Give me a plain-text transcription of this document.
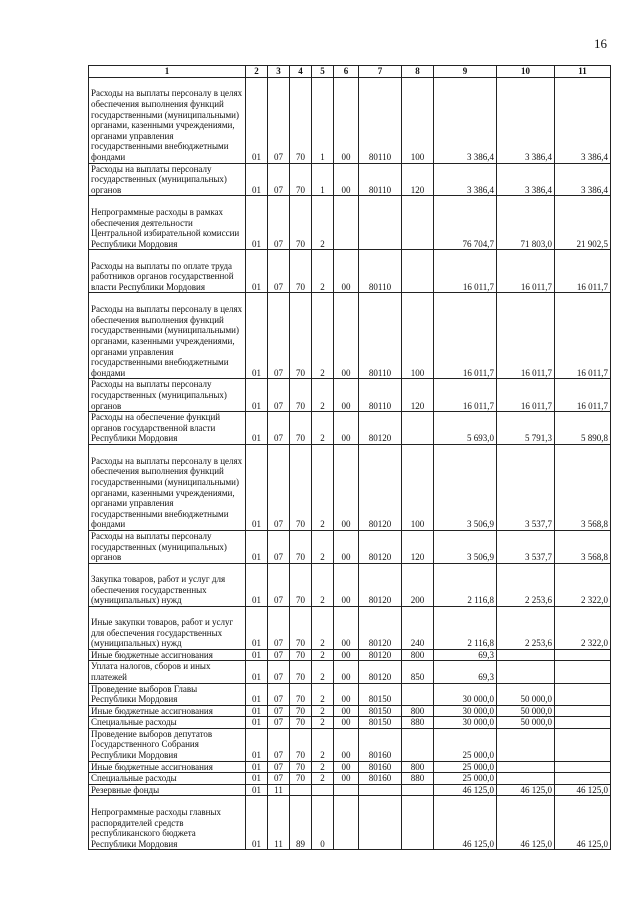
16
1	2	3	4	5	6	7	8	9	10	11
Расходы на выплаты персоналу в целях обеспечения выполнения функций государственными (муниципальными) органами, казенными учреждениями, органами управления государственными внебюджетными фондами	01	07	70	1	00	80110	100	3 386,4	3 386,4	3 386,4
Расходы на выплаты персоналу государственных (муниципальных) органов	01	07	70	1	00	80110	120	3 386,4	3 386,4	3 386,4
Непрограммные расходы в рамках обеспечения деятельности Центральной избирательной комиссии Республики Мордовия	01	07	70	2				76 704,7	71 803,0	21 902,5
Расходы на выплаты по оплате труда работников органов государственной власти Республики Мордовия	01	07	70	2	00	80110		16 011,7	16 011,7	16 011,7
Расходы на выплаты персоналу в целях обеспечения выполнения функций государственными (муниципальными) органами, казенными учреждениями, органами управления государственными внебюджетными фондами	01	07	70	2	00	80110	100	16 011,7	16 011,7	16 011,7
Расходы на выплаты персоналу государственных (муниципальных) органов	01	07	70	2	00	80110	120	16 011,7	16 011,7	16 011,7
Расходы на обеспечение функций органов государственной власти Республики Мордовия	01	07	70	2	00	80120		5 693,0	5 791,3	5 890,8
Расходы на выплаты персоналу в целях обеспечения выполнения функций государственными (муниципальными) органами, казенными учреждениями, органами управления государственными внебюджетными фондами	01	07	70	2	00	80120	100	3 506,9	3 537,7	3 568,8
Расходы на выплаты персоналу государственных (муниципальных) органов	01	07	70	2	00	80120	120	3 506,9	3 537,7	3 568,8
Закупка товаров, работ и услуг для обеспечения государственных (муниципальных) нужд	01	07	70	2	00	80120	200	2 116,8	2 253,6	2 322,0
Иные закупки товаров, работ и услуг для обеспечения государственных (муниципальных) нужд	01	07	70	2	00	80120	240	2 116,8	2 253,6	2 322,0
Иные бюджетные ассигнования	01	07	70	2	00	80120	800	69,3		
Уплата налогов, сборов и иных платежей	01	07	70	2	00	80120	850	69,3		
Проведение выборов Главы Республики Мордовия	01	07	70	2	00	80150		30 000,0	50 000,0	
Иные бюджетные ассигнования	01	07	70	2	00	80150	800	30 000,0	50 000,0	
Специальные расходы	01	07	70	2	00	80150	880	30 000,0	50 000,0	
Проведение выборов депутатов Государственного Собрания Республики Мордовия	01	07	70	2	00	80160		25 000,0		
Иные бюджетные ассигнования	01	07	70	2	00	80160	800	25 000,0		
Специальные расходы	01	07	70	2	00	80160	880	25 000,0		
Резервные фонды	01	11						46 125,0	46 125,0	46 125,0
Непрограммные расходы главных распорядителей средств республиканского бюджета Республики Мордовия	01	11	89	0				46 125,0	46 125,0	46 125,0
